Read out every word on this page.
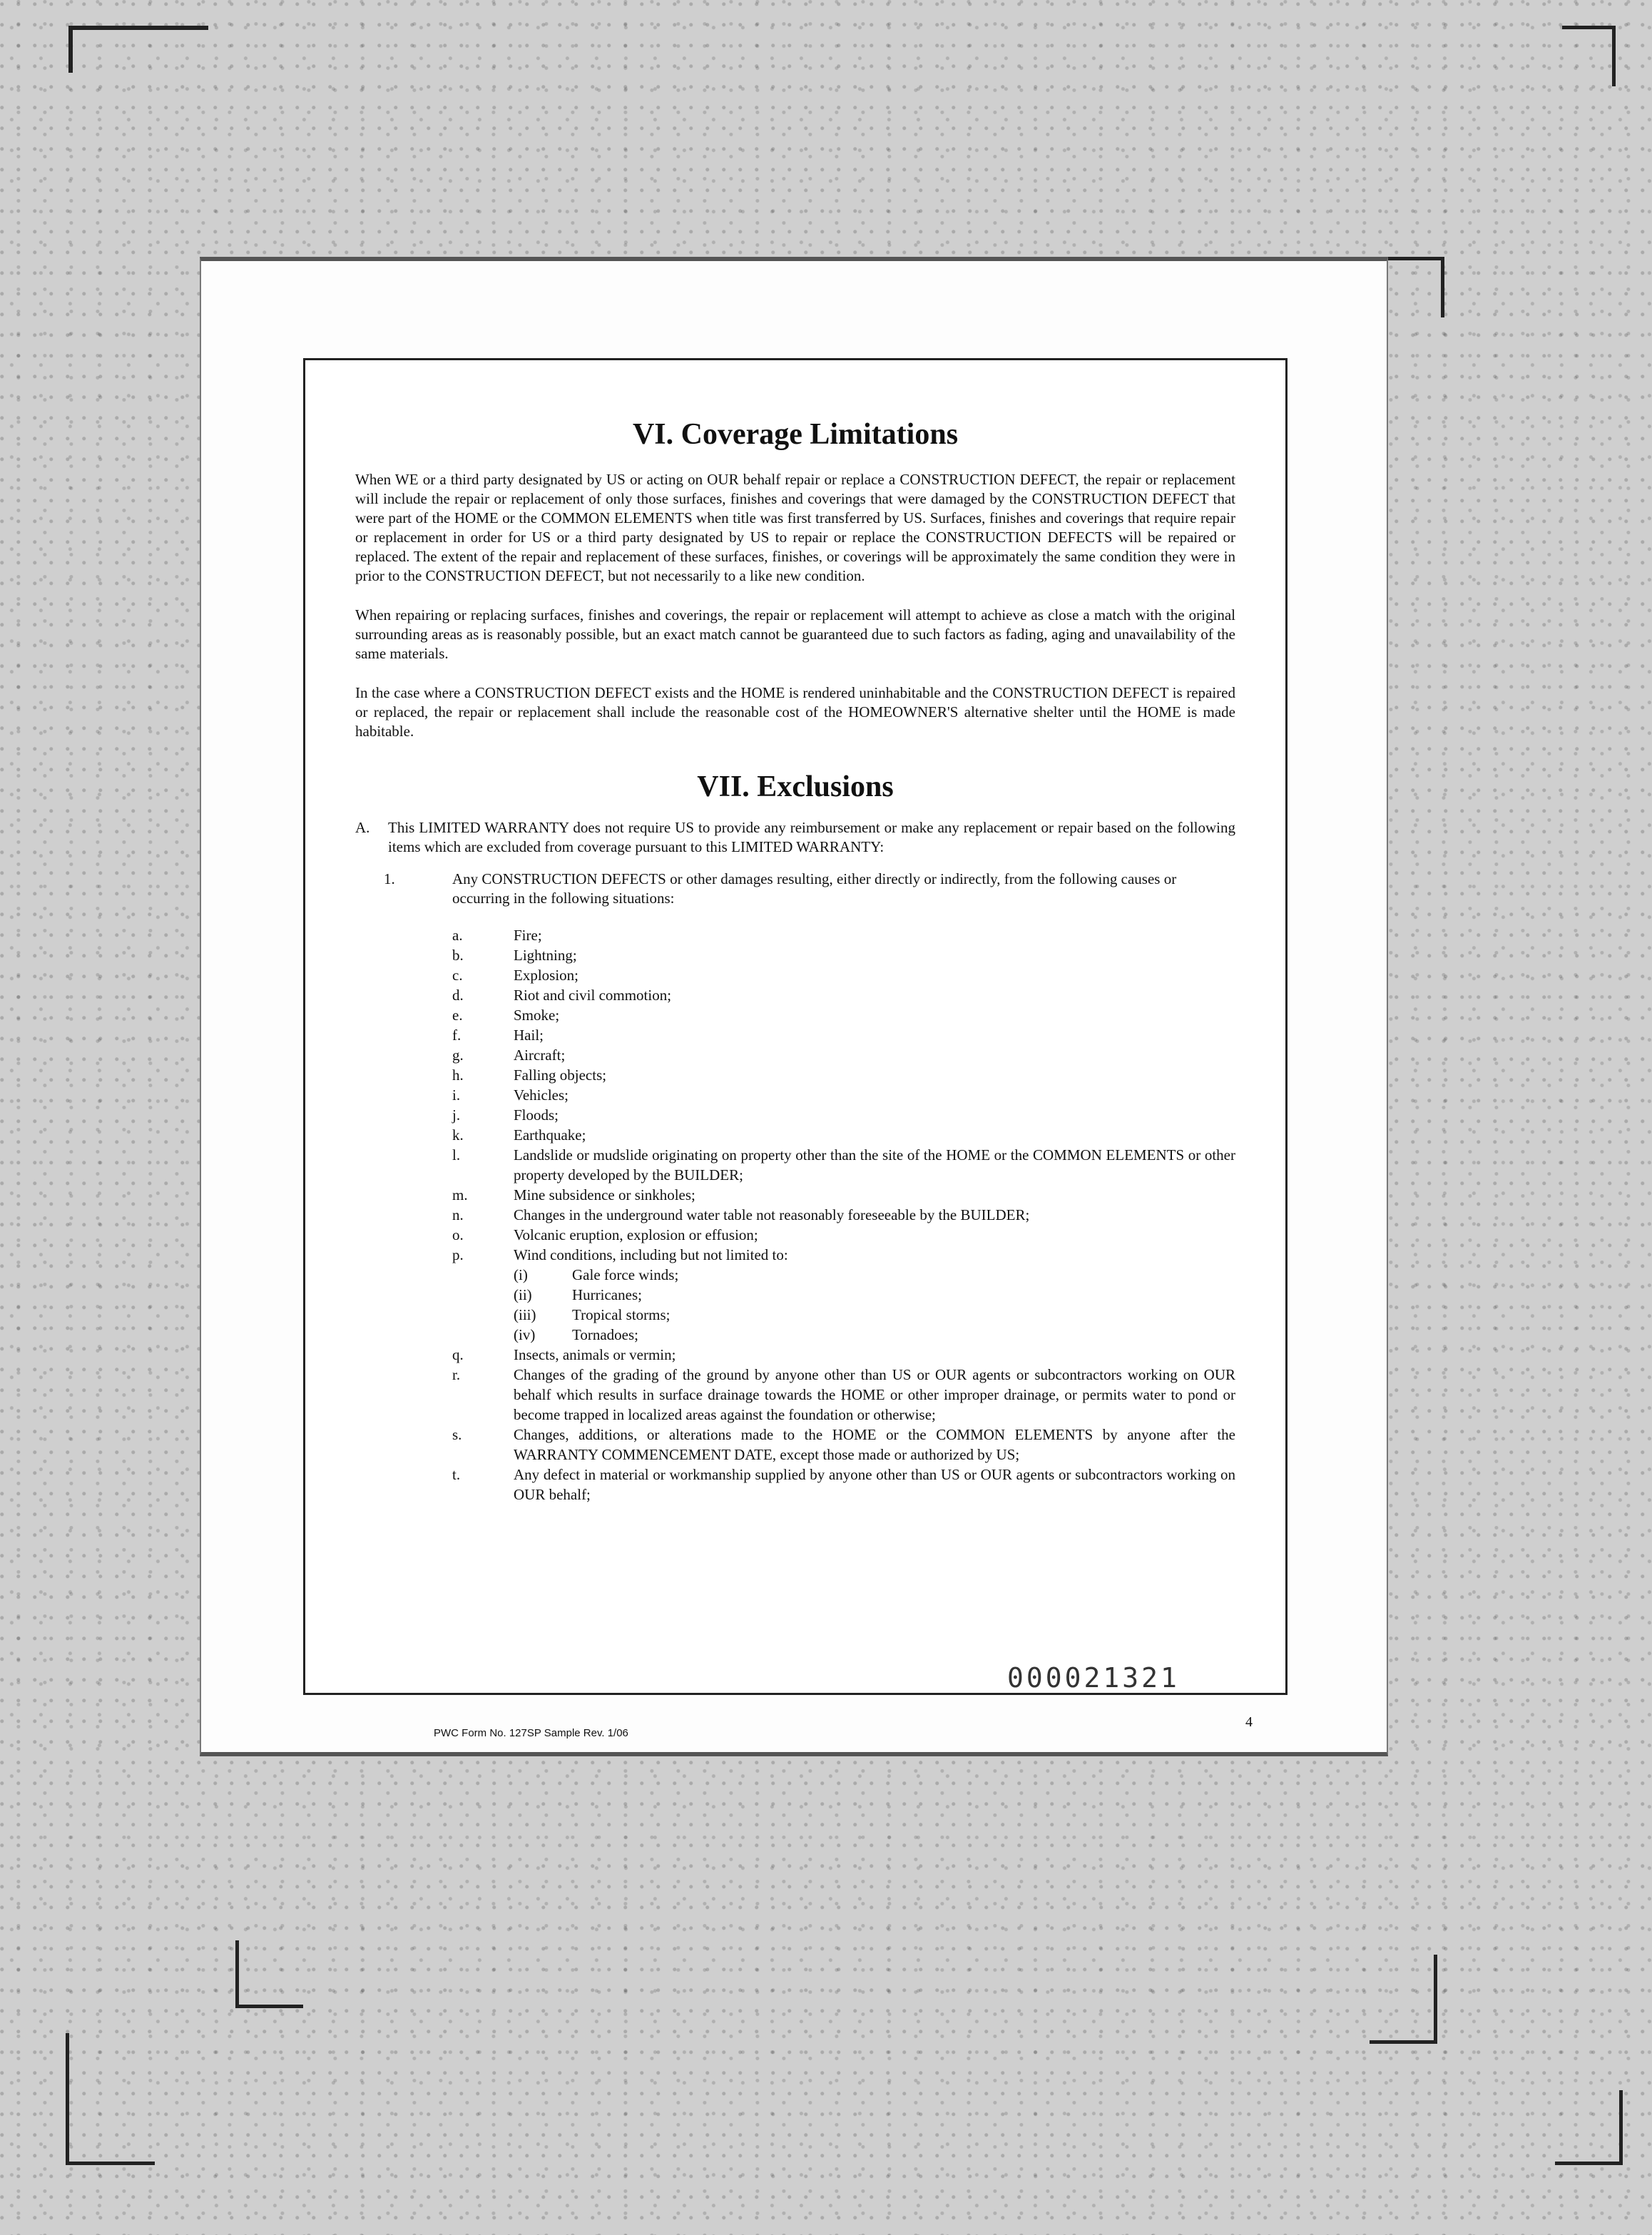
VI. Coverage Limitations

When WE or a third party designated by US or acting on OUR behalf repair or replace a CONSTRUCTION DEFECT, the repair or replacement will include the repair or replacement of only those surfaces, finishes and coverings that were damaged by the CONSTRUCTION DEFECT that were part of the HOME or the COMMON ELEMENTS when title was first transferred by US. Surfaces, finishes and coverings that require repair or replacement in order for US or a third party designated by US to repair or replace the CONSTRUCTION DEFECTS will be repaired or replaced. The extent of the repair and replacement of these surfaces, finishes, or coverings will be approximately the same condition they were in prior to the CONSTRUCTION DEFECT, but not necessarily to a like new condition.

When repairing or replacing surfaces, finishes and coverings, the repair or replacement will attempt to achieve as close a match with the original surrounding areas as is reasonably possible, but an exact match cannot be guaranteed due to such factors as fading, aging and unavailability of the same materials.

In the case where a CONSTRUCTION DEFECT exists and the HOME is rendered uninhabitable and the CONSTRUCTION DEFECT is repaired or replaced, the repair or replacement shall include the reasonable cost of the HOMEOWNER'S alternative shelter until the HOME is made habitable.

VII. Exclusions
A.	This LIMITED WARRANTY does not require US to provide any reimbursement or make any replacement or repair based on the following items which are excluded from coverage pursuant to this LIMITED WARRANTY:
1.	Any CONSTRUCTION DEFECTS or other damages resulting, either directly or indirectly, from the following causes or occurring in the following situations:
a.	Fire;
b.	Lightning;
c.	Explosion;
d.	Riot and civil commotion;
e.	Smoke;
f.	Hail;
g.	Aircraft;
h.	Falling objects;
i.	Vehicles;
j.	Floods;
k.	Earthquake;
l.	Landslide or mudslide originating on property other than the site of the HOME or the COMMON ELEMENTS or other property developed by the BUILDER;
m.	Mine subsidence or sinkholes;
n.	Changes in the underground water table not reasonably foreseeable by the BUILDER;
o.	Volcanic eruption, explosion or effusion;
p.	Wind conditions, including but not limited to:
(i)	Gale force winds;
(ii)	Hurricanes;
(iii)	Tropical storms;
(iv)	Tornadoes;
q.	Insects, animals or vermin;
r.	Changes of the grading of the ground by anyone other than US or OUR agents or subcontractors working on OUR behalf which results in surface drainage towards the HOME or other improper drainage, or permits water to pond or become trapped in localized areas against the foundation or otherwise;
s.	Changes, additions, or alterations made to the HOME or the COMMON ELEMENTS by anyone after the WARRANTY COMMENCEMENT DATE, except those made or authorized by US;
t.	Any defect in material or workmanship supplied by anyone other than US or OUR agents or subcontractors working on OUR behalf;
4
PWC Form No. 127SP Sample Rev. 1/06
000021321
